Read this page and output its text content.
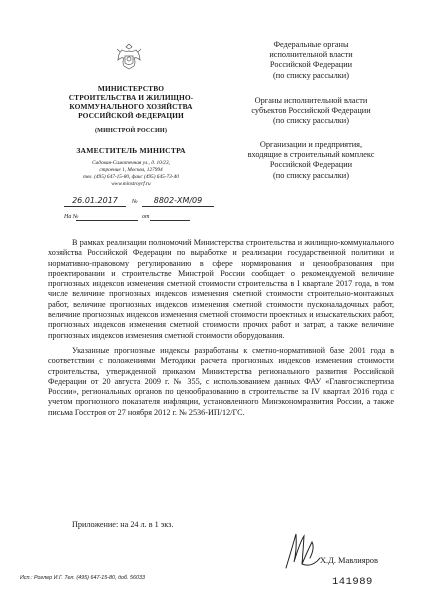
МИНИСТЕРСТВО
СТРОИТЕЛЬСТВА И ЖИЛИЩНО-
КОММУНАЛЬНОГО ХОЗЯЙСТВА
РОССИЙСКОЙ ФЕДЕРАЦИИ
(МИНСТРОЙ РОССИИ)
ЗАМЕСТИТЕЛЬ МИНИСТРА
Садовая-Самотечная ул., д. 10/23,
строение 1, Москва, 127994
тел. (495) 647-15-80, факс (495) 645-73-40
www.minstroyrf.ru
26.01.2017	№	8802-ХМ/09
На №	от
Федеральные органы
исполнительной власти
Российской Федерации
(по списку рассылки)
Органы исполнительной власти
субъектов Российской Федерации
(по списку рассылки)
Организации и предприятия,
входящие в строительный комплекс
Российской Федерации
(по списку рассылки)

В рамках реализации полномочий Министерства строительства и жилищно-коммунального хозяйства Российской Федерации по выработке и реализации государственной политики и нормативно-правовому регулированию в сфере нормирования и ценообразования при проектировании и строительстве Минстрой России сообщает о рекомендуемой величине прогнозных индексов изменения сметной стоимости строительства в I квартале 2017 года, в том числе величине прогнозных индексов изменения сметной стоимости строительно-монтажных работ, величине прогнозных индексов изменения сметной стоимости пусконаладочных работ, величине прогнозных индексов изменения сметной стоимости проектных и изыскательских работ, прогнозных индексов изменения сметной стоимости прочих работ и затрат, а также величине прогнозных индексов изменения сметной стоимости оборудования.

Указанные прогнозные индексы разработаны к сметно-нормативной базе 2001 года в соответствии с положениями Методики расчета прогнозных индексов изменения стоимости строительства, утвержденной приказом Министерства регионального развития Российской Федерации от 20 августа 2009 г. № 355, с использованием данных ФАУ «Главгосэкспертиза России», региональных органов по ценообразованию в строительстве за IV квартал 2016 года с учетом прогнозного показателя инфляции, установленного Минэкономразвития России, а также письма Госстроя от 27 ноября 2012 г. № 2536-ИП/12/ГС.

Приложение: на 24 л. в 1 экз.
Х.Д. Мавлияров
Исп.: Роглер И.Г. Тел. (495) 647-15-80, доб. 56033	141989
